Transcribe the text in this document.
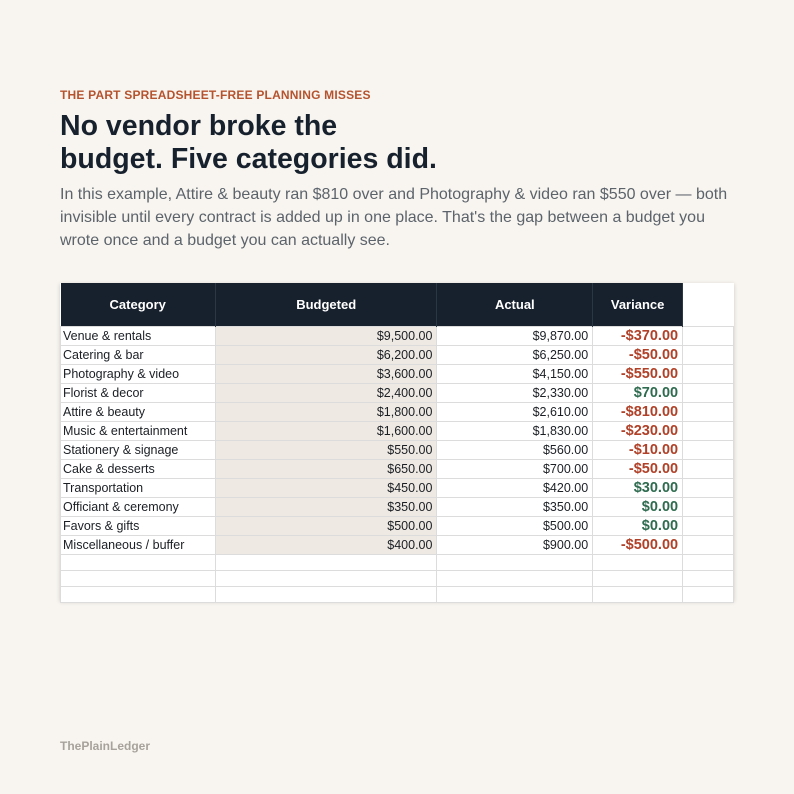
THE PART SPREADSHEET-FREE PLANNING MISSES
No vendor broke the
budget. Five categories did.

In this example, Attire & beauty ran $810 over and Photography & video ran $550 over — both invisible until every contract is added up in one place. That's the gap between a budget you wrote once and a budget you can actually see.

Category	Budgeted	Actual	Variance	
Venue & rentals	$9,500.00	$9,870.00	-$370.00	
Catering & bar	$6,200.00	$6,250.00	-$50.00	
Photography & video	$3,600.00	$4,150.00	-$550.00	
Florist & decor	$2,400.00	$2,330.00	$70.00	
Attire & beauty	$1,800.00	$2,610.00	-$810.00	
Music & entertainment	$1,600.00	$1,830.00	-$230.00	
Stationery & signage	$550.00	$560.00	-$10.00	
Cake & desserts	$650.00	$700.00	-$50.00	
Transportation	$450.00	$420.00	$30.00	
Officiant & ceremony	$350.00	$350.00	$0.00	
Favors & gifts	$500.00	$500.00	$0.00	
Miscellaneous / buffer	$400.00	$900.00	-$500.00	

ThePlainLedger
